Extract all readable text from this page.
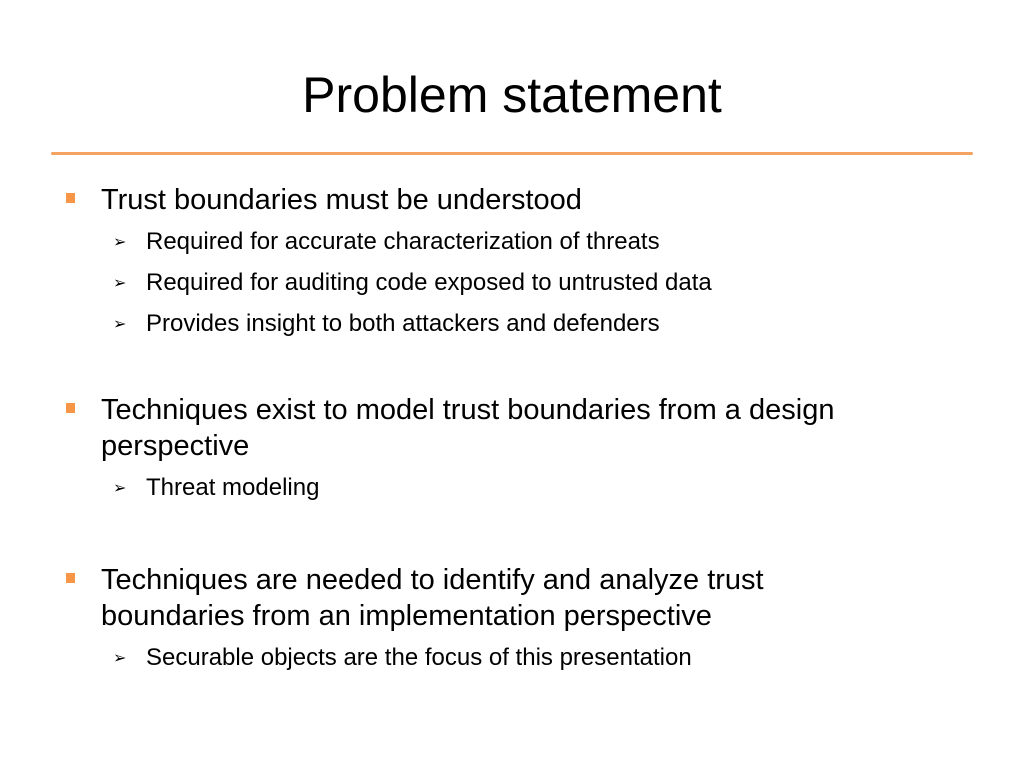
Problem statement
Trust boundaries must be understood
➢ Required for accurate characterization of threats
➢ Required for auditing code exposed to untrusted data
➢ Provides insight to both attackers and defenders
Techniques exist to model trust boundaries from a design perspective
➢ Threat modeling
Techniques are needed to identify and analyze trust boundaries from an implementation perspective
➢ Securable objects are the focus of this presentation
